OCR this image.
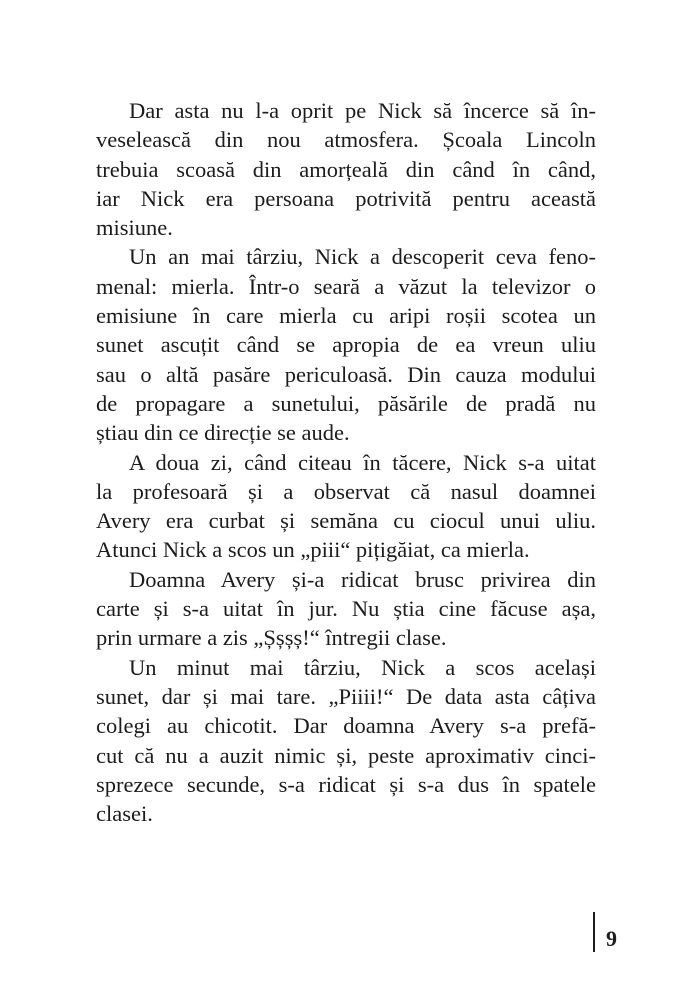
Dar asta nu l-a oprit pe Nick să încerce să în-
veselească din nou atmosfera. Școala Lincoln
trebuia scoasă din amorțeală din când în când,
iar Nick era persoana potrivită pentru această
misiune.

Un an mai târziu, Nick a descoperit ceva feno-
menal: mierla. Într-o seară a văzut la televizor o
emisiune în care mierla cu aripi roșii scotea un
sunet ascuțit când se apropia de ea vreun uliu
sau o altă pasăre periculoasă. Din cauza modului
de propagare a sunetului, păsările de pradă nu
știau din ce direcție se aude.

A doua zi, când citeau în tăcere, Nick s-a uitat
la profesoară și a observat că nasul doamnei
Avery era curbat și semăna cu ciocul unui uliu.
Atunci Nick a scos un „piii“ pițigăiat, ca mierla.

Doamna Avery și-a ridicat brusc privirea din
carte și s-a uitat în jur. Nu știa cine făcuse așa,
prin urmare a zis „Șșșș!“ întregii clase.

Un minut mai târziu, Nick a scos același
sunet, dar și mai tare. „Piiii!“ De data asta câțiva
colegi au chicotit. Dar doamna Avery s-a prefă-
cut că nu a auzit nimic și, peste aproximativ cinci-
sprezece secunde, s-a ridicat și s-a dus în spatele
clasei.

9
